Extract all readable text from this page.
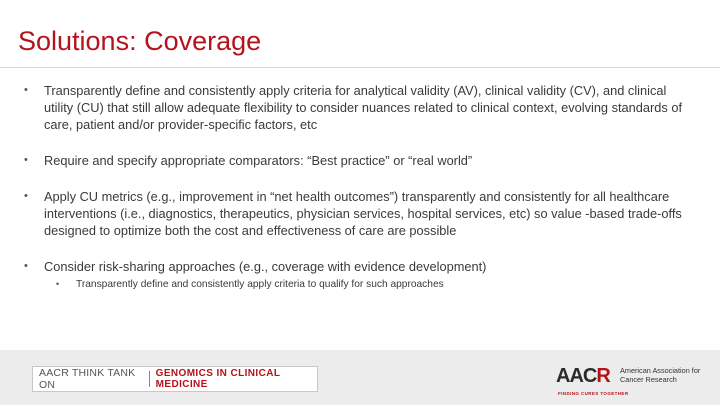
Solutions: Coverage
• Transparently define and consistently apply criteria for analytical validity (AV), clinical validity (CV), and clinical utility (CU) that still allow adequate flexibility to consider nuances related to clinical context, evolving standards of care, patient and/or provider-specific factors, etc
• Require and specify appropriate comparators: “Best practice” or “real world”
• Apply CU metrics (e.g., improvement in “net health outcomes”) transparently and consistently for all healthcare interventions (i.e., diagnostics, therapeutics, physician services, hospital services, etc) so value -based trade-offs designed to optimize both the cost and effectiveness of care are possible
• Consider risk-sharing approaches (e.g., coverage with evidence development)
• Transparently define and consistently apply criteria to qualify for such approaches
AACR THINK TANK ON
GENOMICS IN CLINICAL MEDICINE	AACR American Association for Cancer Research
FINDING CURES TOGETHER
